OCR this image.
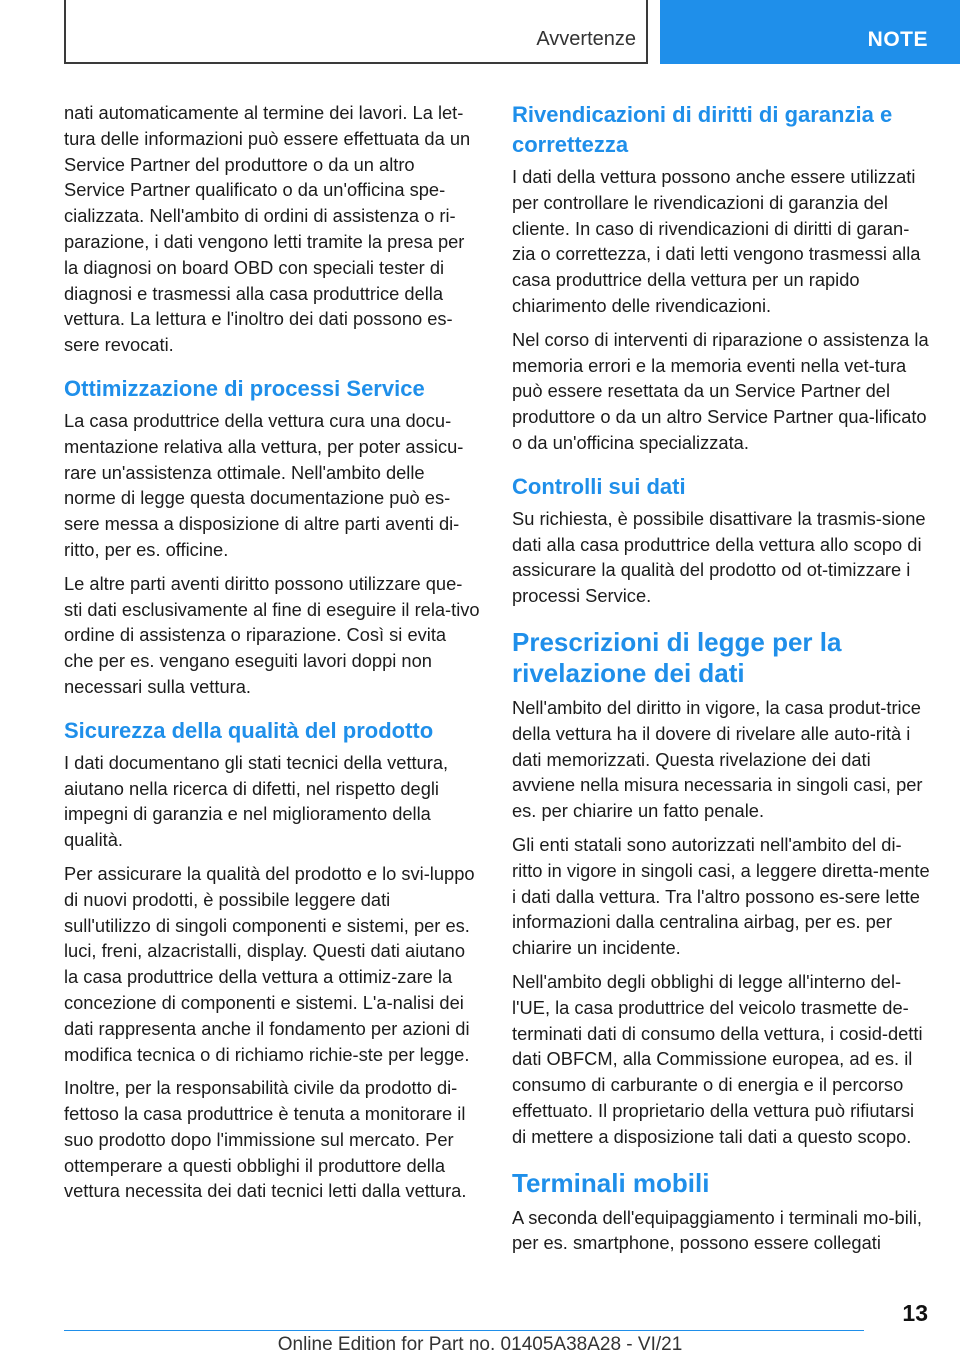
Avvertenze	NOTE

nati automaticamente al termine dei lavori. La let-tura delle informazioni può essere effettuata da un Service Partner del produttore o da un altro Service Partner qualificato o da un'officina spe-cializzata. Nell'ambito di ordini di assistenza o ri-parazione, i dati vengono letti tramite la presa per la diagnosi on board OBD con speciali tester di diagnosi e trasmessi alla casa produttrice della vettura. La lettura e l'inoltro dei dati possono es-sere revocati.

Ottimizzazione di processi Service

La casa produttrice della vettura cura una docu-mentazione relativa alla vettura, per poter assicu-rare un'assistenza ottimale. Nell'ambito delle norme di legge questa documentazione può es-sere messa a disposizione di altre parti aventi di-ritto, per es. officine.

Le altre parti aventi diritto possono utilizzare que-sti dati esclusivamente al fine di eseguire il rela-tivo ordine di assistenza o riparazione. Così si evita che per es. vengano eseguiti lavori doppi non necessari sulla vettura.

Sicurezza della qualità del prodotto

I dati documentano gli stati tecnici della vettura, aiutano nella ricerca di difetti, nel rispetto degli impegni di garanzia e nel miglioramento della qualità.

Per assicurare la qualità del prodotto e lo svi-luppo di nuovi prodotti, è possibile leggere dati sull'utilizzo di singoli componenti e sistemi, per es. luci, freni, alzacristalli, display. Questi dati aiutano la casa produttrice della vettura a ottimiz-zare la concezione di componenti e sistemi. L'a-nalisi dei dati rappresenta anche il fondamento per azioni di modifica tecnica o di richiamo richie-ste per legge.

Inoltre, per la responsabilità civile da prodotto di-fettoso la casa produttrice è tenuta a monitorare il suo prodotto dopo l'immissione sul mercato. Per ottemperare a questi obblighi il produttore della vettura necessita dei dati tecnici letti dalla vettura.

Rivendicazioni di diritti di garanzia e correttezza

I dati della vettura possono anche essere utilizzati per controllare le rivendicazioni di garanzia del cliente. In caso di rivendicazioni di diritti di garan-zia o correttezza, i dati letti vengono trasmessi alla casa produttrice della vettura per un rapido chiarimento delle rivendicazioni.

Nel corso di interventi di riparazione o assistenza la memoria errori e la memoria eventi nella vet-tura può essere resettata da un Service Partner del produttore o da un altro Service Partner qua-lificato o da un'officina specializzata.

Controlli sui dati

Su richiesta, è possibile disattivare la trasmis-sione dati alla casa produttrice della vettura allo scopo di assicurare la qualità del prodotto od ot-timizzare i processi Service.

Prescrizioni di legge per la rivelazione dei dati

Nell'ambito del diritto in vigore, la casa produt-trice della vettura ha il dovere di rivelare alle auto-rità i dati memorizzati. Questa rivelazione dei dati avviene nella misura necessaria in singoli casi, per es. per chiarire un fatto penale.

Gli enti statali sono autorizzati nell'ambito del di-ritto in vigore in singoli casi, a leggere diretta-mente i dati dalla vettura. Tra l'altro possono es-sere lette informazioni dalla centralina airbag, per es. per chiarire un incidente.

Nell'ambito degli obblighi di legge all'interno del-l'UE, la casa produttrice del veicolo trasmette de-terminati dati di consumo della vettura, i cosid-detti dati OBFCM, alla Commissione europea, ad es. il consumo di carburante o di energia e il percorso effettuato. Il proprietario della vettura può rifiutarsi di mettere a disposizione tali dati a questo scopo.

Terminali mobili

A seconda dell'equipaggiamento i terminali mo-bili, per es. smartphone, possono essere collegati

13
Online Edition for Part no. 01405A38A28 - VI/21
